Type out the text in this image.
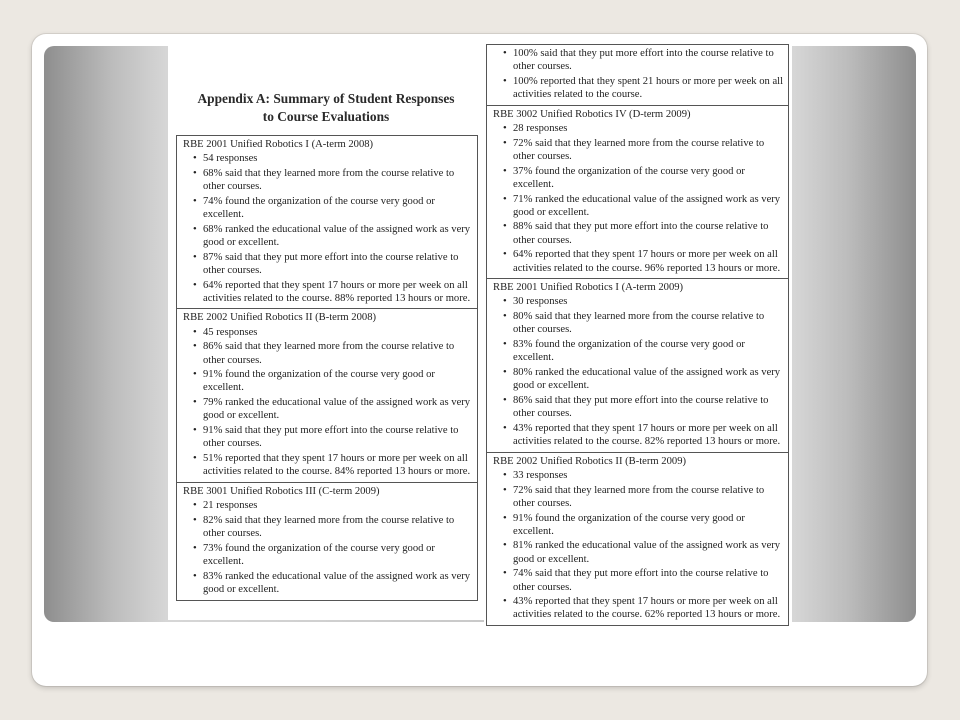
Appendix A: Summary of Student Responses
to Course Evaluations
RBE 2001 Unified Robotics I (A-term 2008)
• 54 responses
• 68% said that they learned more from the course relative to other courses.
• 74% found the organization of the course very good or excellent.
• 68% ranked the educational value of the assigned work as very good or excellent.
• 87% said that they put more effort into the course relative to other courses.
• 64% reported that they spent 17 hours or more per week on all activities related to the course. 88% reported 13 hours or more.
RBE 2002 Unified Robotics II (B-term 2008)
• 45 responses
• 86% said that they learned more from the course relative to other courses.
• 91% found the organization of the course very good or excellent.
• 79% ranked the educational value of the assigned work as very good or excellent.
• 91% said that they put more effort into the course relative to other courses.
• 51% reported that they spent 17 hours or more per week on all activities related to the course. 84% reported 13 hours or more.
RBE 3001 Unified Robotics III (C-term 2009)
• 21 responses
• 82% said that they learned more from the course relative to other courses.
• 73% found the organization of the course very good or excellent.
• 83% ranked the educational value of the assigned work as very good or excellent.
• 100% said that they put more effort into the course relative to other courses.
• 100% reported that they spent 21 hours or more per week on all activities related to the course.
RBE 3002 Unified Robotics IV (D-term 2009)
• 28 responses
• 72% said that they learned more from the course relative to other courses.
• 37% found the organization of the course very good or excellent.
• 71% ranked the educational value of the assigned work as very good or excellent.
• 88% said that they put more effort into the course relative to other courses.
• 64% reported that they spent 17 hours or more per week on all activities related to the course. 96% reported 13 hours or more.
RBE 2001 Unified Robotics I (A-term 2009)
• 30 responses
• 80% said that they learned more from the course relative to other courses.
• 83% found the organization of the course very good or excellent.
• 80% ranked the educational value of the assigned work as very good or excellent.
• 86% said that they put more effort into the course relative to other courses.
• 43% reported that they spent 17 hours or more per week on all activities related to the course. 82% reported 13 hours or more.
RBE 2002 Unified Robotics II (B-term 2009)
• 33 responses
• 72% said that they learned more from the course relative to other courses.
• 91% found the organization of the course very good or excellent.
• 81% ranked the educational value of the assigned work as very good or excellent.
• 74% said that they put more effort into the course relative to other courses.
• 43% reported that they spent 17 hours or more per week on all activities related to the course. 62% reported 13 hours or more.
